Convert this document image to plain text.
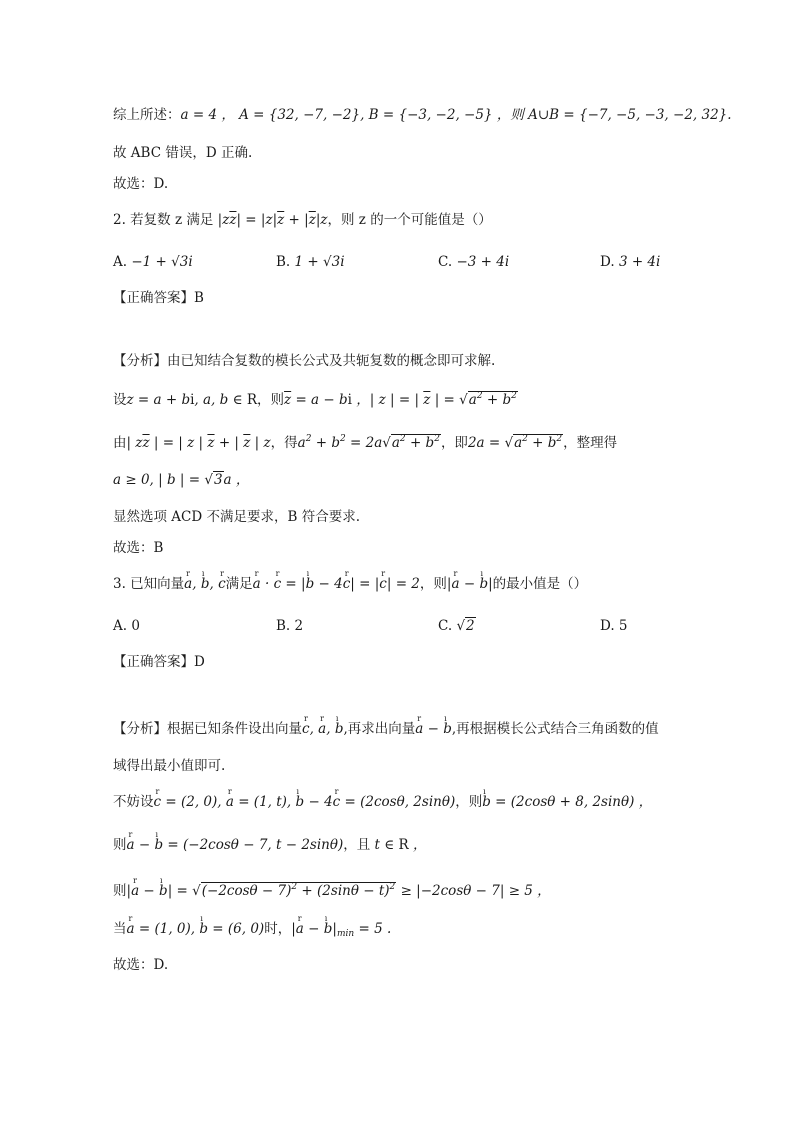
综上所述：a = 4 ， A = {32, −7, −2}, B = {−3, −2, −5} ，则 A∪B = {−7, −5, −3, −2, 32}.
故 ABC 错误，D 正确.
故选：D.
2. 若复数 z 满足 $|z\overline{z}| = |z|\overline{z} + |\overline{z}|z$，则 z 的一个可能值是（）
A. −1 + √3i	B. 1 + √3i	C. −3 + 4i	D. 3 + 4i
【正确答案】B
【分析】由已知结合复数的模长公式及共轭复数的概念即可求解.
设z = a + bi, a, b ∈ R，则$\overline{z} = a$ − bi ，| z | = | $\overline{z}$ | = $√a^2 + b^2$
由| $z\overline{z}$ | = | z | $\overline{z}$ + | $\overline{z}$ | z，得$a^2 + b^2 = 2a√a^2 + b^2$，即$2a = √a^2 + b^2$，整理得
a ≥ 0, | b | = √3a ，
显然选项 ACD 不满足要求，B 符合要求.
故选：B
3. 已知向量r a, ı b, r c满足r a · r c = |ı b − 4r c| = |r c| = 2，则|r a − ı b|的最小值是（）
A. 0	B. 2	C. √2	D. 5
【正确答案】D
【分析】根据已知条件设出向量r c, r a, ı b,再求出向量r a − ı b,再根据模长公式结合三角函数的值
域得出最小值即可.
不妨设r c = (2, 0), r a = (1, t), ı b − 4r c = (2cosθ, 2sinθ)，则ı b = (2cosθ + 8, 2sinθ) ，
则r a − ı b = (−2cosθ − 7, t − 2sinθ)，且 t ∈ R ，
则|r a − ı $b| = √(-2\cos\theta - 7)^2 + (2\sin\theta - t)^2 \ge |-2\cos\theta - 7| \ge 5$ ，
当r a = (1, 0), ı b = (6, 0)时，|r a − ı $b|_{min} = 5$ .
故选：D.
